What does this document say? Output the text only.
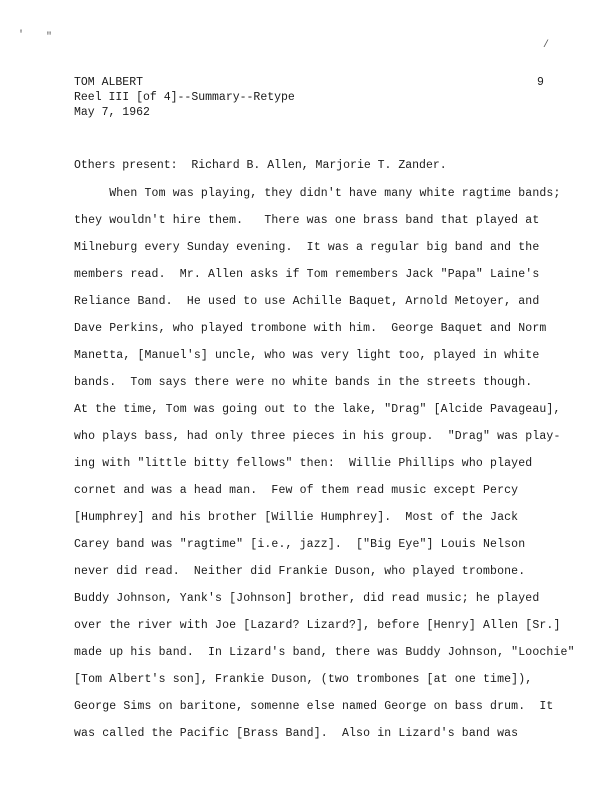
' "
/
TOM ALBERT
Reel III [of 4]--Summary--Retype
May 7, 1962
9
Others present:  Richard B. Allen, Marjorie T. Zander.
When Tom was playing, they didn't have many white ragtime bands;
they wouldn't hire them.   There was one brass band that played at
Milneburg every Sunday evening.  It was a regular big band and the
members read.  Mr. Allen asks if Tom remembers Jack "Papa" Laine's
Reliance Band.  He used to use Achille Baquet, Arnold Metoyer, and
Dave Perkins, who played trombone with him.  George Baquet and Norm
Manetta, [Manuel's] uncle, who was very light too, played in white
bands.  Tom says there were no white bands in the streets though.
At the time, Tom was going out to the lake, "Drag" [Alcide Pavageau],
who plays bass, had only three pieces in his group.  "Drag" was play-
ing with "little bitty fellows" then:  Willie Phillips who played
cornet and was a head man.  Few of them read music except Percy
[Humphrey] and his brother [Willie Humphrey].  Most of the Jack
Carey band was "ragtime" [i.e., jazz].  ["Big Eye"] Louis Nelson
never did read.  Neither did Frankie Duson, who played trombone.
Buddy Johnson, Yank's [Johnson] brother, did read music; he played
over the river with Joe [Lazard? Lizard?], before [Henry] Allen [Sr.]
made up his band.  In Lizard's band, there was Buddy Johnson, "Loochie"
[Tom Albert's son], Frankie Duson, (two trombones [at one time]),
George Sims on baritone, somenne else named George on bass drum.  It
was called the Pacific [Brass Band].  Also in Lizard's band was
